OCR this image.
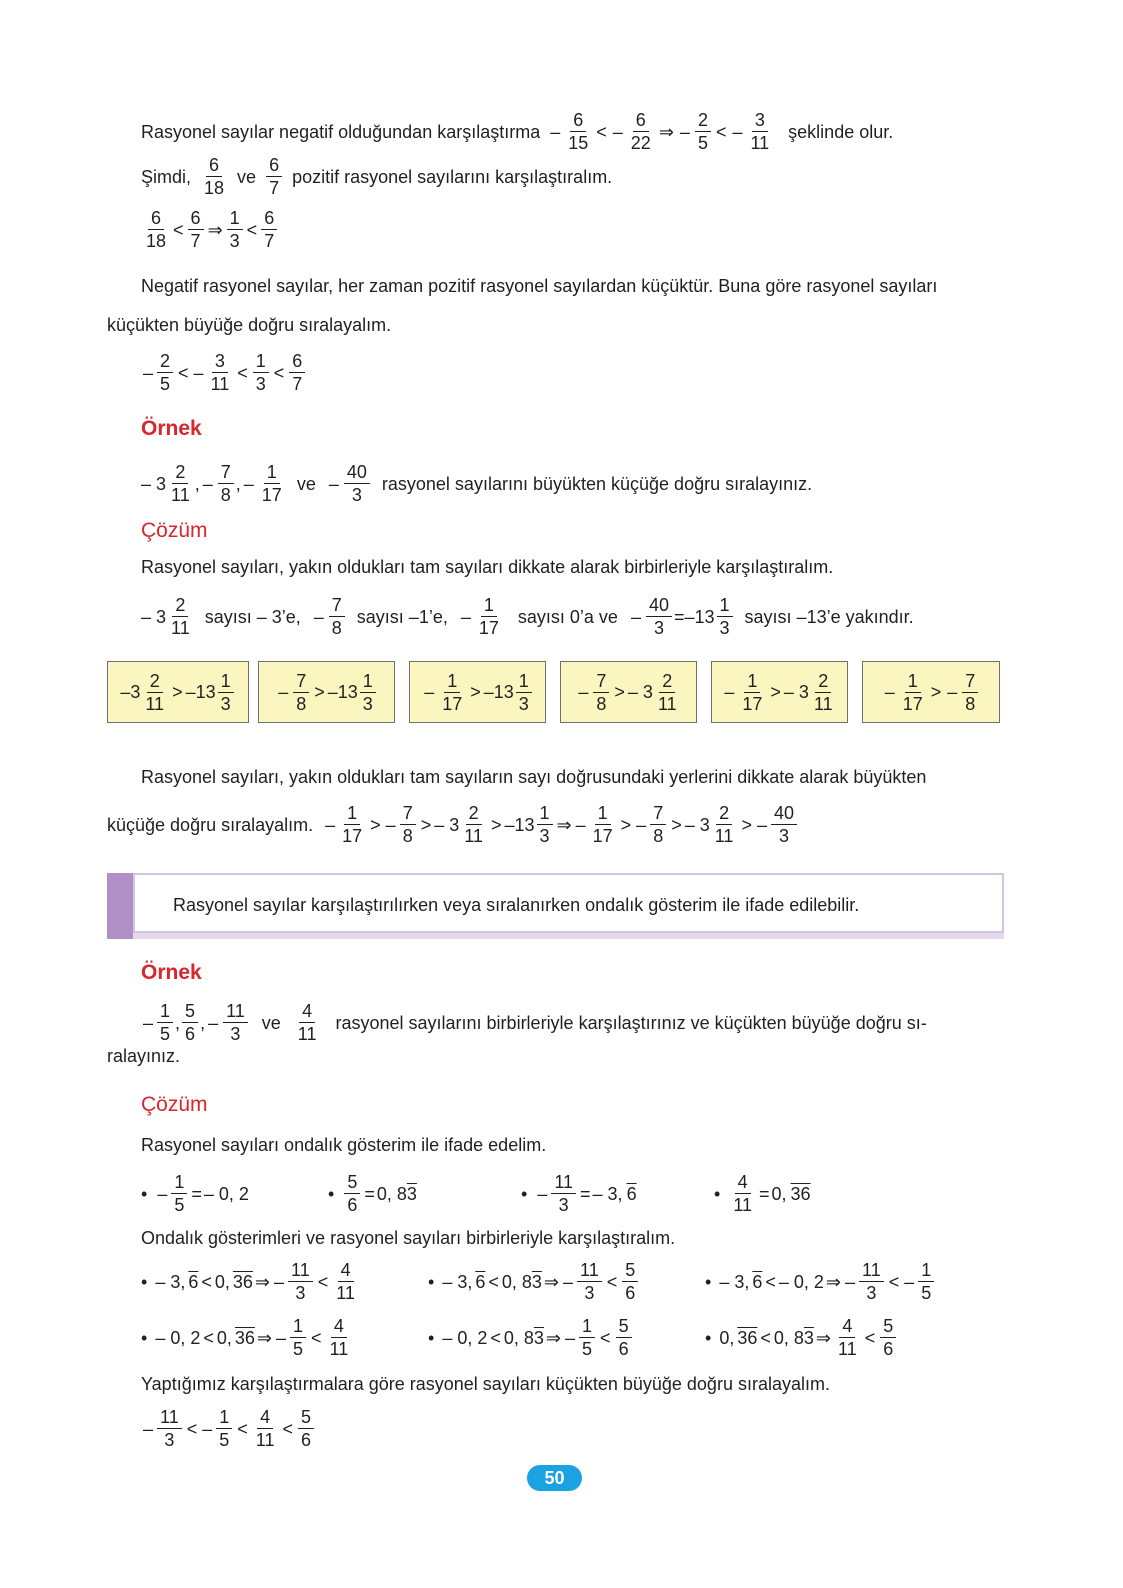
Rasyonel sayılar negatif olduğundan karşılaştırma – $\frac{6}{15}$ < – $\frac{6}{22}$ ⇒ – $\frac{2}{5}$ < – $\frac{3}{11}$ şeklinde olur.
Şimdi, $\frac{6}{18}$ ve $\frac{6}{7}$ pozitif rasyonel sayılarını karşılaştıralım.
$\frac{6}{18} < \frac{6}{7}$ ⇒ $\frac{1}{3} < \frac{6}{7}$
Negatif rasyonel sayılar, her zaman pozitif rasyonel sayılardan küçüktür. Buna göre rasyonel sayıları
küçükten büyüğe doğru sıralayalım.
– $\frac{2}{5}$ < – $\frac{3}{11} < \frac{1}{3} < \frac{6}{7}$
Örnek
– $3 \frac{2}{11}$ , – $\frac{7}{8}$ , – $\frac{1}{17}$ ve – $\frac{40}{3}$ rasyonel sayılarını büyükten küçüğe doğru sıralayınız.
Çözüm
Rasyonel sayıları, yakın oldukları tam sayıları dikkate alarak birbirleriyle karşılaştıralım.
– $3 \frac{2}{11}$ sayısı – 3’e, – $\frac{7}{8}$ sayısı –1’e, – $\frac{1}{17}$ sayısı 0’a ve – $\frac{40}{3} =-13 \frac{1}{3}$ sayısı –13’e yakındır.
$-3 \frac{2}{11} > -13 \frac{1}{3} - \frac{7}{8} > -13 \frac{1}{3}$	– $\frac{1}{17} > -13 \frac{1}{3}$	– $\frac{7}{8}$ > – $3 \frac{2}{11} - \frac{1}{17}$ > – $3 \frac{2}{11}$	– $\frac{1}{17}$ > – $\frac{7}{8}$
Rasyonel sayıları, yakın oldukları tam sayıların sayı doğrusundaki yerlerini dikkate alarak büyükten
küçüğe doğru sıralayalım. – $\frac{1}{17}$ > – $\frac{7}{8}$ > – $3 \frac{2}{11} > -13 \frac{1}{3}$ ⇒ – $\frac{1}{17}$ > – $\frac{7}{8}$ > – $3 \frac{2}{11}$ > – $\frac{40}{3}$
Rasyonel sayılar karşılaştırılırken veya sıralanırken ondalık gösterim ile ifade edilebilir.
Örnek
– $\frac{1}{5}$ , $\frac{5}{6}$ , – $\frac{11}{3}$ ve $\frac{4}{11}$ rasyonel sayılarını birbirleriyle karşılaştırınız ve küçükten büyüğe doğru sı-
ralayınız.
Çözüm
Rasyonel sayıları ondalık gösterim ile ifade edelim.
• – $\frac{1}{5}$ = – 0, 2	• $\frac{5}{6} = 0$, 8 3	• – $\frac{11}{3}$ = – 3, 6	• $\frac{4}{11} = 0$, 36
Ondalık gösterimleri ve rasyonel sayıları birbirleriyle karşılaştıralım.
• – 3, 6 < 0, 36 ⇒ – $\frac{11}{3} < \frac{4}{11}$	• – 3, 6 < 0, 8 3 ⇒ – $\frac{11}{3} < \frac{5}{6}$	• – 3, 6 < – 0, 2 ⇒ – $\frac{11}{3}$ < – $\frac{1}{5}$
• – 0, 2 < 0, 36 ⇒ – $\frac{1}{5} < \frac{4}{11}$	• – 0, 2 < 0, 8 3 ⇒ – $\frac{1}{5} < \frac{5}{6}$	• 0, 36 < 0, 8 3 ⇒ $\frac{4}{11} < \frac{5}{6}$
Yaptığımız karşılaştırmalara göre rasyonel sayıları küçükten büyüğe doğru sıralayalım.
– $\frac{11}{3}$ < – $\frac{1}{5} < \frac{4}{11} < \frac{5}{6}$
50
